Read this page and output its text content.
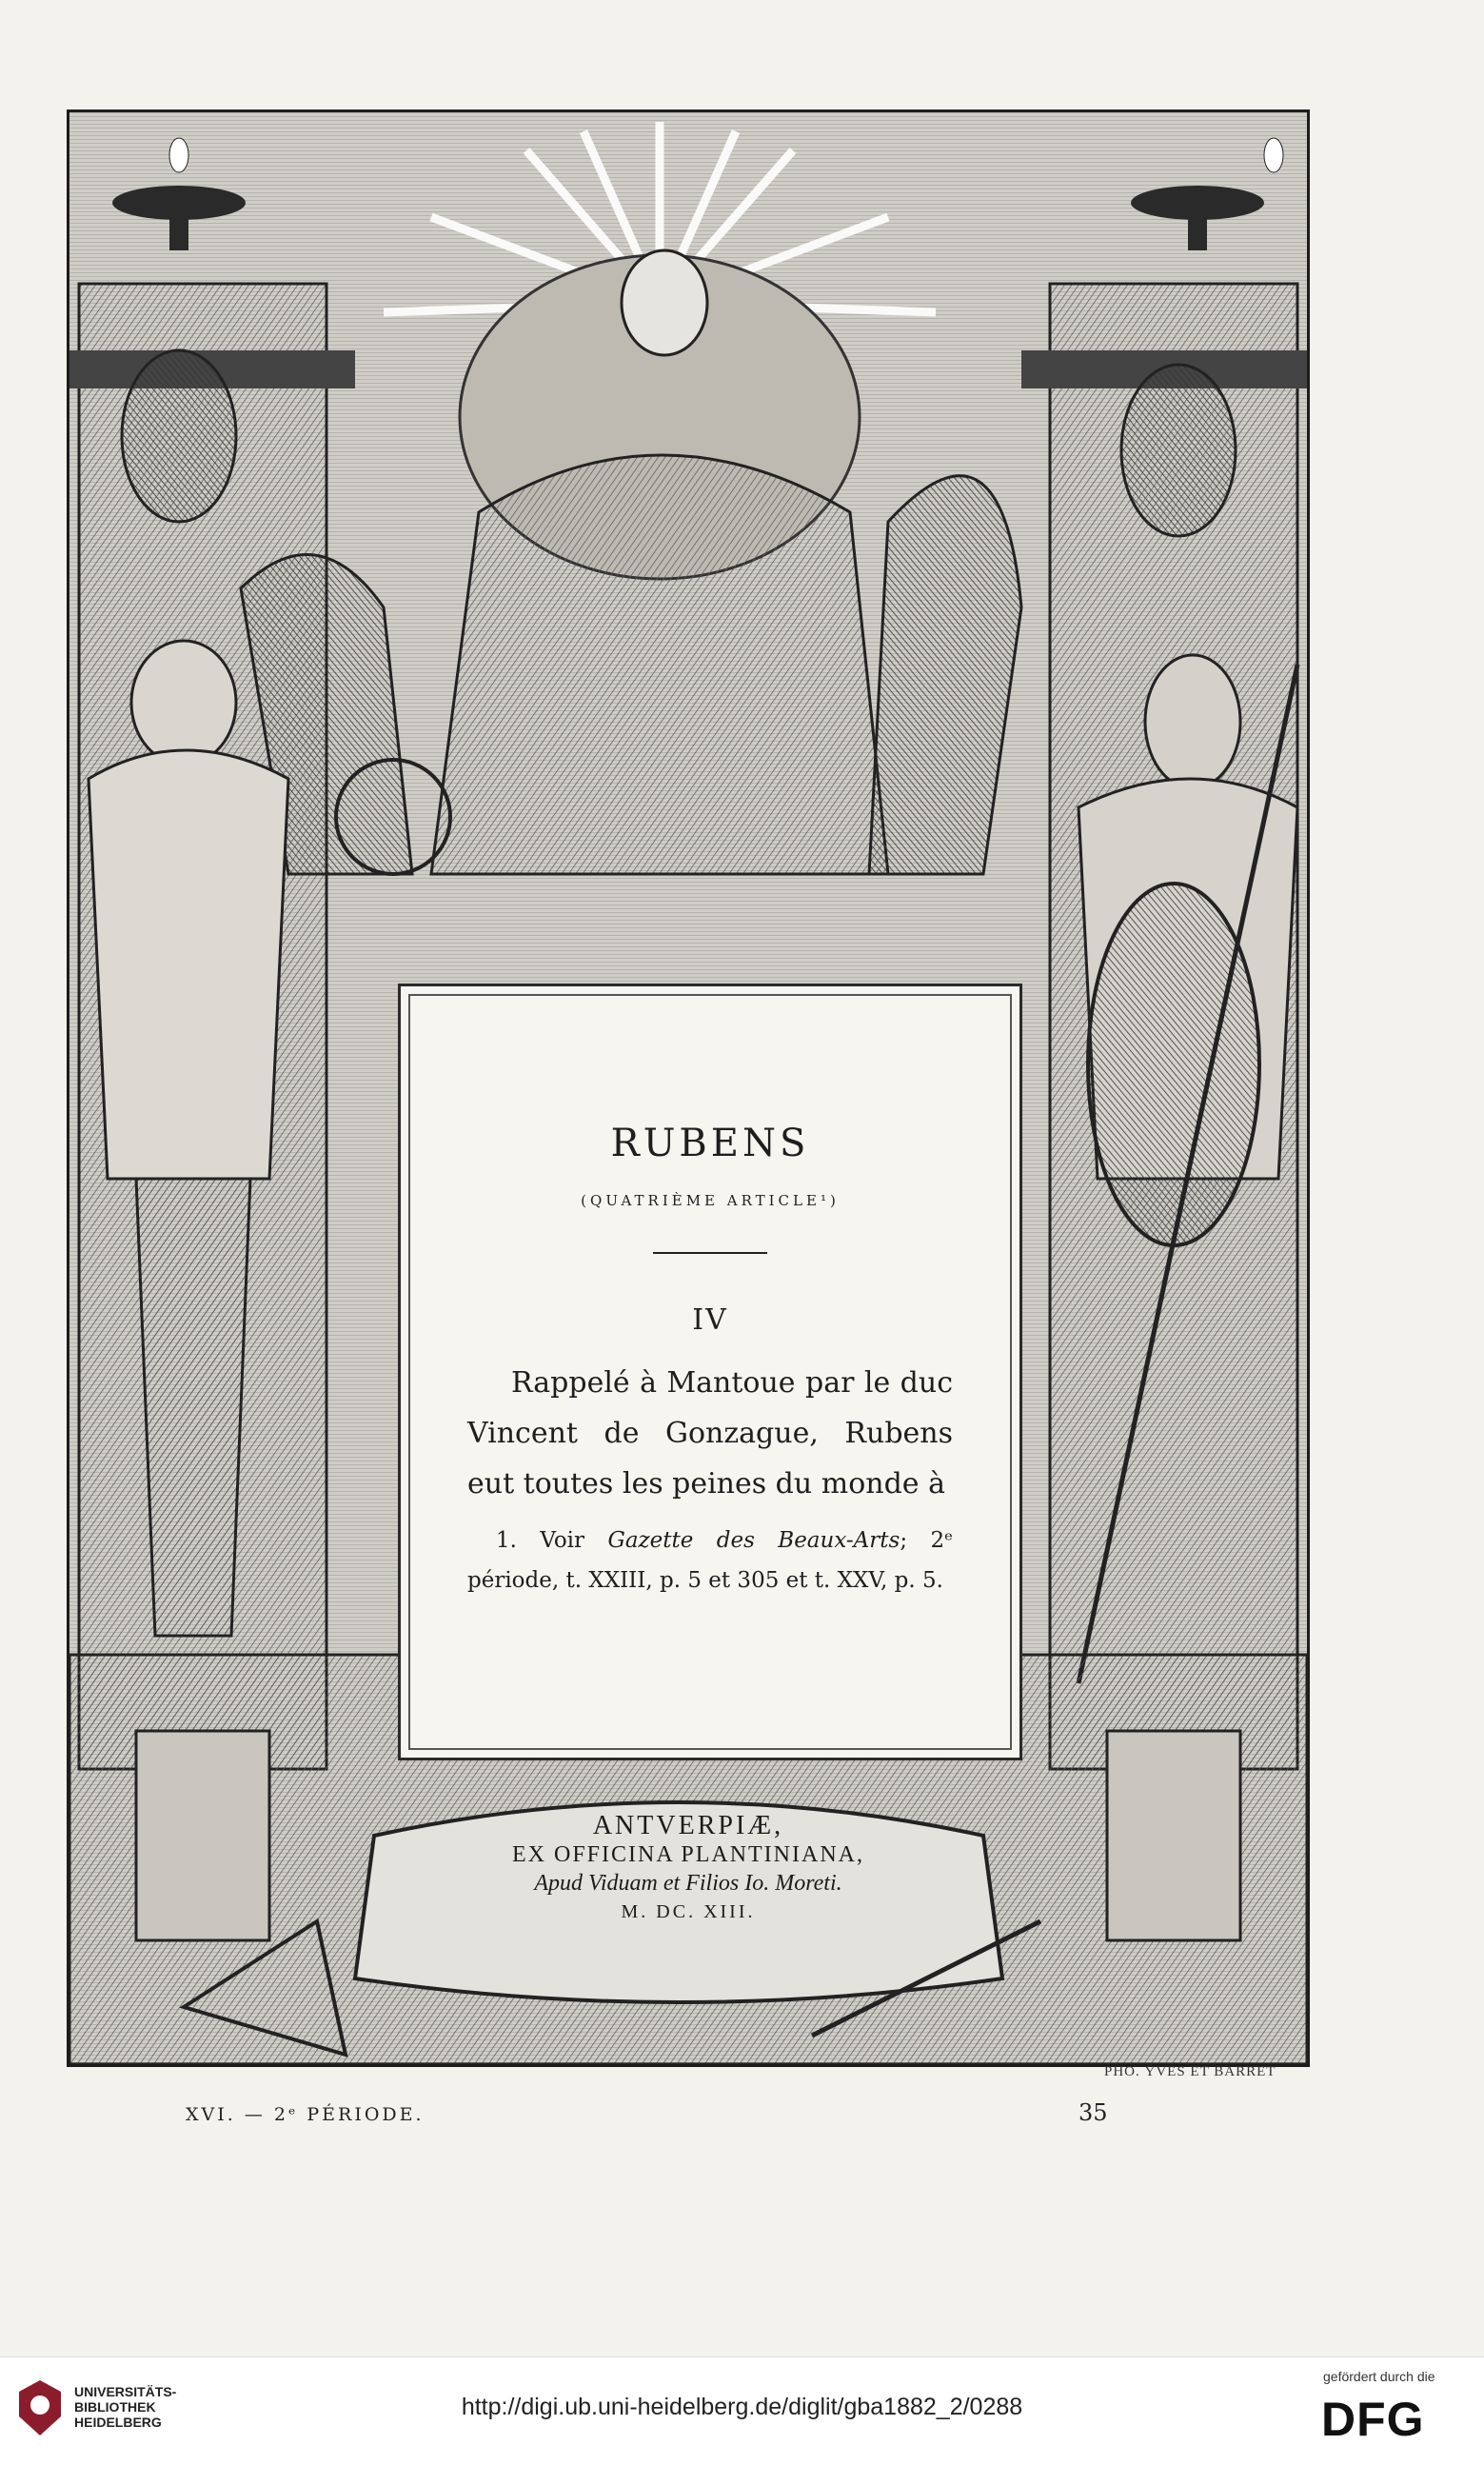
RUBENS
(QUATRIÈME ARTICLE¹)
IV
Rappelé à Mantoue par le duc Vincent de Gonzague, Rubens eut toutes les peines du monde à
1. Voir Gazette des Beaux-Arts; 2ᵉ période, t. XXIII, p. 5 et 305 et t. XXV, p. 5.
ANTVERPIÆ,
EX OFFICINA PLANTINIANA,
Apud Viduam et Filios Io. Moreti.
M. DC. XIII.
PHO. ȲVES ET BARRET
XVI. — 2ᵉ PÉRIODE.	35
UNIVERSITÄTS-
BIBLIOTHEK
HEIDELBERG
http://digi.ub.uni-heidelberg.de/diglit/gba1882_2/0288
gefördert durch die
DFG
